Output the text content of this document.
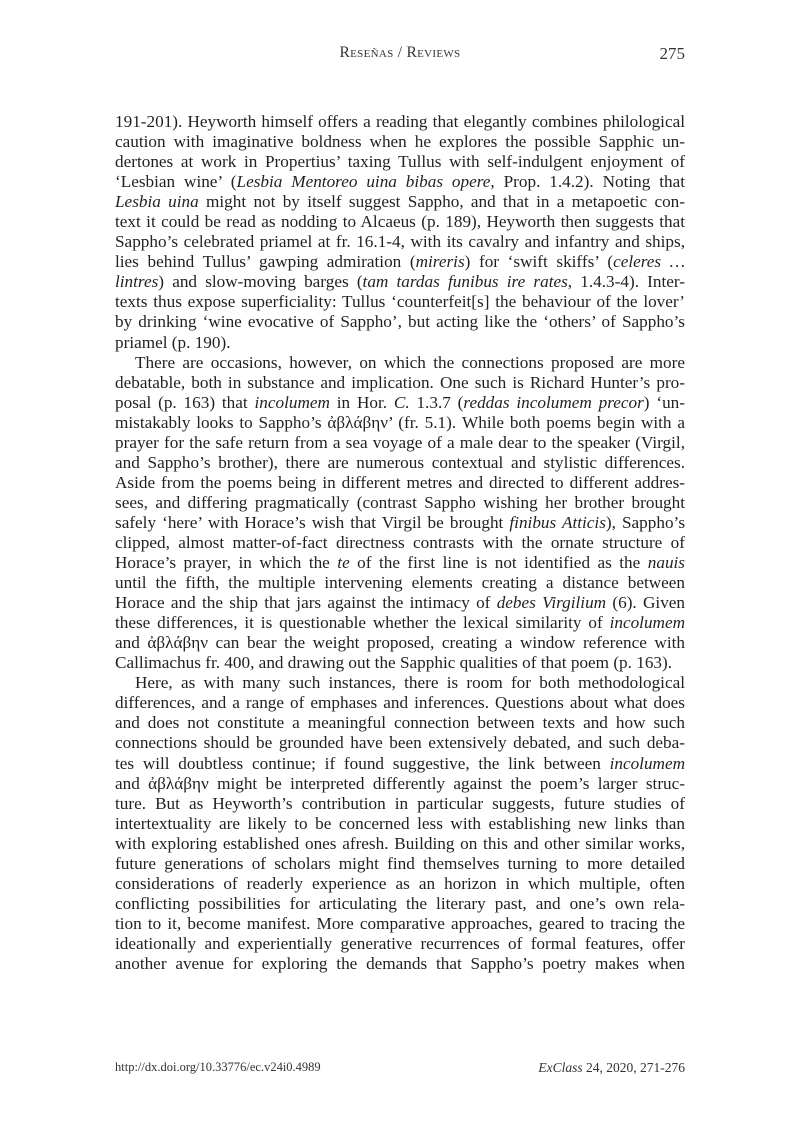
Reseñas / Reviews	275
191-201). Heyworth himself offers a reading that elegantly combines philological
caution with imaginative boldness when he explores the possible Sapphic un-
dertones at work in Propertius’ taxing Tullus with self-indulgent enjoyment of
‘Lesbian wine’ (Lesbia Mentoreo uina bibas opere, Prop. 1.4.2). Noting that
Lesbia uina might not by itself suggest Sappho, and that in a metapoetic con-
text it could be read as nodding to Alcaeus (p. 189), Heyworth then suggests that
Sappho’s celebrated priamel at fr. 16.1-4, with its cavalry and infantry and ships,
lies behind Tullus’ gawping admiration (mireris) for ‘swift skiffs’ (celeres …
lintres) and slow-moving barges (tam tardas funibus ire rates, 1.4.3-4). Inter-
texts thus expose superficiality: Tullus ‘counterfeit[s] the behaviour of the lover’
by drinking ‘wine evocative of Sappho’, but acting like the ‘others’ of Sappho’s
priamel (p. 190).
There are occasions, however, on which the connections proposed are more
debatable, both in substance and implication. One such is Richard Hunter’s pro-
posal (p. 163) that incolumem in Hor. C. 1.3.7 (reddas incolumem precor) ‘un-
mistakably looks to Sappho’s ἀβλάβην’ (fr. 5.1). While both poems begin with a
prayer for the safe return from a sea voyage of a male dear to the speaker (Virgil,
and Sappho’s brother), there are numerous contextual and stylistic differences.
Aside from the poems being in different metres and directed to different addres-
sees, and differing pragmatically (contrast Sappho wishing her brother brought
safely ‘here’ with Horace’s wish that Virgil be brought finibus Atticis), Sappho’s
clipped, almost matter-of-fact directness contrasts with the ornate structure of
Horace’s prayer, in which the te of the first line is not identified as the nauis
until the fifth, the multiple intervening elements creating a distance between
Horace and the ship that jars against the intimacy of debes Virgilium (6). Given
these differences, it is questionable whether the lexical similarity of incolumem
and ἀβλάβην can bear the weight proposed, creating a window reference with
Callimachus fr. 400, and drawing out the Sapphic qualities of that poem (p. 163).
Here, as with many such instances, there is room for both methodological
differences, and a range of emphases and inferences. Questions about what does
and does not constitute a meaningful connection between texts and how such
connections should be grounded have been extensively debated, and such deba-
tes will doubtless continue; if found suggestive, the link between incolumem
and ἀβλάβην might be interpreted differently against the poem’s larger struc-
ture. But as Heyworth’s contribution in particular suggests, future studies of
intertextuality are likely to be concerned less with establishing new links than
with exploring established ones afresh. Building on this and other similar works,
future generations of scholars might find themselves turning to more detailed
considerations of readerly experience as an horizon in which multiple, often
conflicting possibilities for articulating the literary past, and one’s own rela-
tion to it, become manifest. More comparative approaches, geared to tracing the
ideationally and experientially generative recurrences of formal features, offer
another avenue for exploring the demands that Sappho’s poetry makes when
http://dx.doi.org/10.33776/ec.v24i0.4989	ExClass 24, 2020, 271-276
